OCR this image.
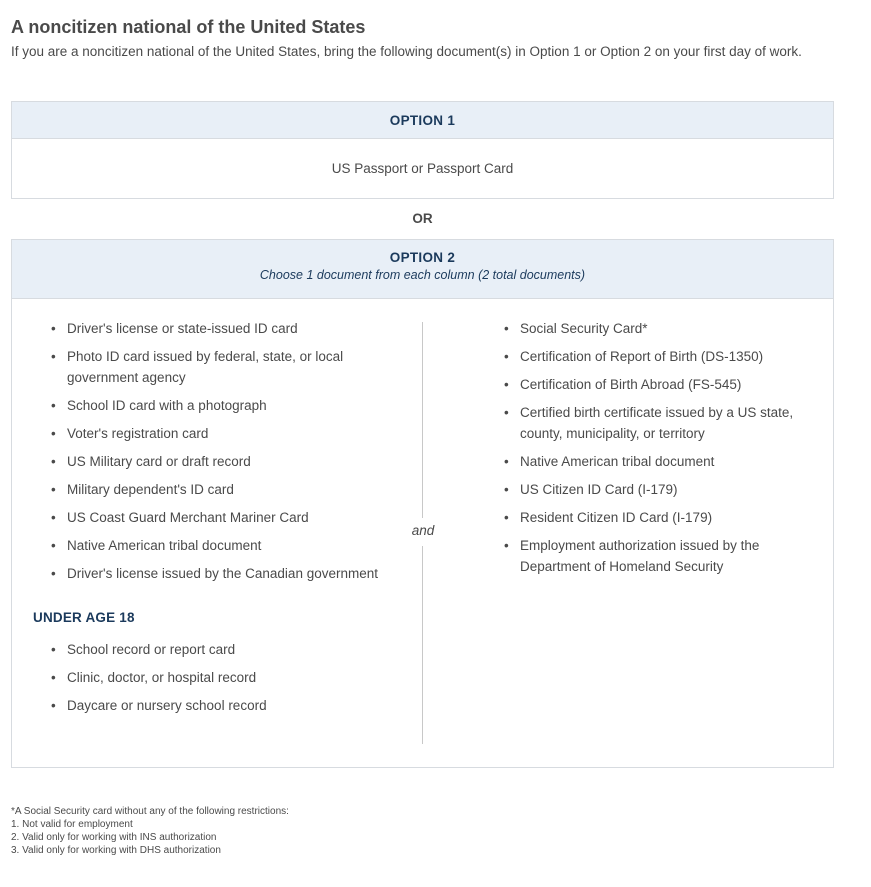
A noncitizen national of the United States

If you are a noncitizen national of the United States, bring the following document(s) in Option 1 or Option 2 on your first day of work.

OPTION 1
US Passport or Passport Card
OR
OPTION 2
Choose 1 document from each column (2 total documents)
• Driver's license or state-issued ID card
• Photo ID card issued by federal, state, or local government agency
• School ID card with a photograph
• Voter's registration card
• US Military card or draft record
• Military dependent's ID card
• US Coast Guard Merchant Mariner Card
• Native American tribal document
• Driver's license issued by the Canadian government
UNDER AGE 18
• School record or report card
• Clinic, doctor, or hospital record
• Daycare or nursery school record
and
• Social Security Card*
• Certification of Report of Birth (DS-1350)
• Certification of Birth Abroad (FS-545)
• Certified birth certificate issued by a US state, county, municipality, or territory
• Native American tribal document
• US Citizen ID Card (I-179)
• Resident Citizen ID Card (I-179)
• Employment authorization issued by the Department of Homeland Security
*A Social Security card without any of the following restrictions:
1. Not valid for employment
2. Valid only for working with INS authorization
3. Valid only for working with DHS authorization
